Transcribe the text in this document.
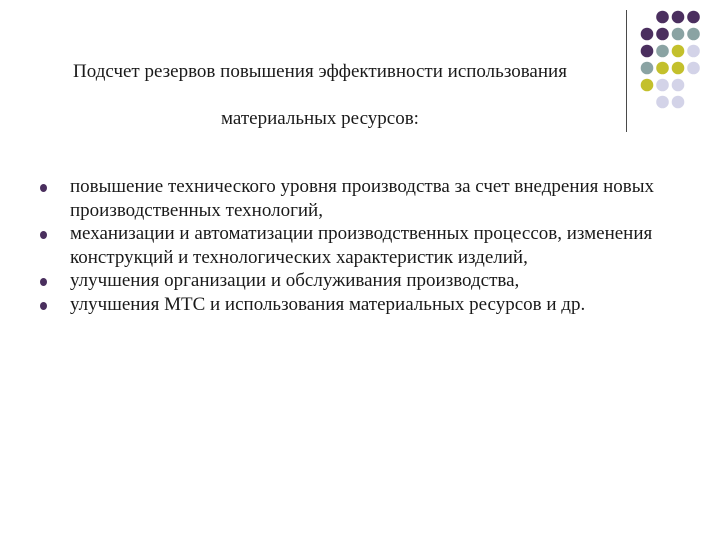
Подсчет резервов повышения эффективности использования
материальных ресурсов:
повышение технического уровня производства за счет внедрения новых производственных технологий,
механизации и автоматизации производственных процессов, изменения конструкций и технологических характеристик изделий,
улучшения организации и обслуживания производства,
улучшения МТС и использования материальных ресурсов и др.
